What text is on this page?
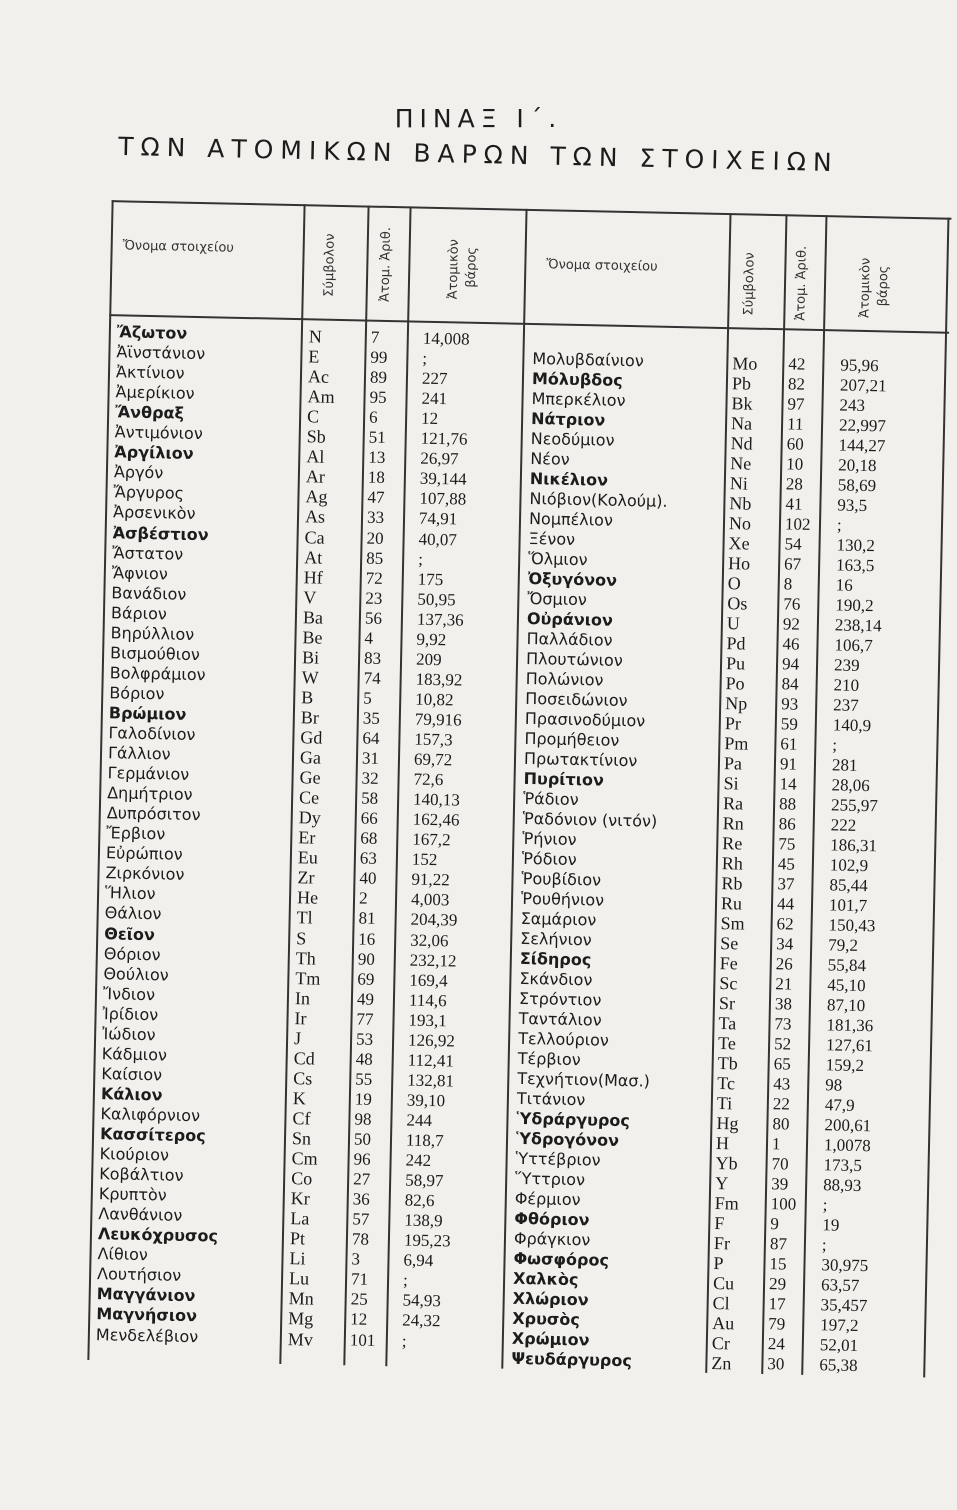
ΠΙΝΑΞ Ι΄.
ΤΩΝ ΑΤΟΜΙΚΩΝ ΒΑΡΩΝ ΤΩΝ ΣΤΟΙΧΕΙΩΝ
Ὄνομα στοιχείου	Σύμβολον	Ἀτομ. Ἀριθ.	Ἀτομικὸν βάρος	Ὄνομα στοιχείου	Σύμβολον	Ἀτομ. Ἀριθ.	Ἀτομικὸν βάρος
Ἄζωτον	N	7	14,008
Ἀϊνστάνιον	E	99 ;
Ἀκτίνιον	Ac 89 227
Ἀμερίκιον	Am 95 241
Ἄνθραξ	C	6	12
Ἀντιμόνιον	Sb	51 121,76
Ἀργίλιον	Al	13 26,97
Ἀργόν	Ar	18 39,144
Ἄργυρος	Ag 47 107,88
Ἀρσενικὸν	As 33 74,91
Ἀσβέστιον	Ca 20 40,07
Ἄστατον	At	85 ;
Ἄφνιον	Hf	72 175
Βανάδιον	V	23 50,95
Βάριον	Ba 56 137,36
Βηρύλλιον	Be 4	9,92
Βισμούθιον	Bi	83 209
Βολφράμιον	W	74 183,92
Βόριον	B	5	10,82
Βρώμιον	Br	35 79,916
Γαλοδίνιον	Gd 64 157,3
Γάλλιον	Ga 31 69,72
Γερμάνιον	Ge 32 72,6
Δημήτριον	Ce 58 140,13
Δυπρόσιτον	Dy 66 162,46
Ἔρβιον	Er	68 167,2
Εὐρώπιον	Eu 63 152
Ζιρκόνιον	Zr	40 91,22
Ἥλιον	He 2	4,003
Θάλιον	Tl	81 204,39
Θεῖον	S	16 32,06
Θόριον	Th 90 232,12
Θούλιον	Tm 69 169,4
Ἴνδιον	In	49 114,6
Ἰρίδιον	Ir	77 193,1
Ἰώδιον	J	53 126,92
Κάδμιον	Cd 48 112,41
Καίσιον	Cs	55 132,81
Κάλιον	K	19 39,10
Καλιφόρνιον	Cf	98 244
Κασσίτερος	Sn	50 118,7
Κιούριον	Cm 96 242
Κοβάλτιον	Co 27 58,97
Κρυπτὸν	Kr	36 82,6
Λανθάνιον	La	57 138,9
Λευκόχρυσος	Pt	78 195,23
Λίθιον	Li	3	6,94
Λουτήσιον	Lu 71 ;
Μαγγάνιον	Mn 25 54,93
Μαγνήσιον	Mg 12 24,32
Μενδελέβιον	Mv 101 ;
Μολυβδαίνιον	Mo 42 95,96
Μόλυβδος	Pb 82 207,21
Μπερκέλιον	Bk 97 243
Νάτριον	Na 11 22,997
Νεοδύμιον	Nd 60 144,27
Νέον	Ne 10 20,18
Νικέλιον	Ni 28 58,69
Νιόβιον(Κολούμ).	Nb 41 93,5
Νομπέλιον	No 102 ;
Ξένον	Xe 54 130,2
Ὅλμιον	Ho 67 163,5
Ὀξυγόνον	O	8	16
Ὄσμιον	Os 76 190,2
Οὐράνιον	U	92 238,14
Παλλάδιον	Pd 46 106,7
Πλουτώνιον	Pu 94 239
Πολώνιον	Po 84 210
Ποσειδώνιον	Np 93 237
Πρασινοδύμιον	Pr 59 140,9
Προμήθειον	Pm 61 ;
Πρωτακτίνιον	Pa 91 281
Πυρίτιον	Si 14 28,06
Ῥάδιον	Ra 88 255,97
Ῥαδόνιον (νιτόν)	Rn 86 222
Ῥήνιον	Re 75 186,31
Ῥόδιον	Rh 45 102,9
Ῥουβίδιον	Rb 37 85,44
Ῥουθήνιον	Ru 44 101,7
Σαμάριον	Sm 62 150,43
Σελήνιον	Se 34 79,2
Σίδηρος	Fe 26 55,84
Σκάνδιον	Sc 21 45,10
Στρόντιον	Sr 38 87,10
Ταντάλιον	Ta 73 181,36
Τελλούριον	Te 52 127,61
Τέρβιον	Tb 65 159,2
Τεχνήτιον(Μασ.)	Tc 43 98
Τιτάνιον	Ti 22 47,9
Ὑδράργυρος	Hg 80 200,61
Ὑδρογόνον	H	1	1,0078
Ὑττέβριον	Yb 70 173,5
Ὕττριον	Y	39 88,93
Φέρμιον	Fm 100 ;
Φθόριον	F	9	19
Φράγκιον	Fr 87 ;
Φωσφόρος	P	15 30,975
Χαλκὸς	Cu 29 63,57
Χλώριον	Cl 17 35,457
Χρυσὸς	Au 79 197,2
Χρώμιον	Cr 24 52,01
Ψευδάργυρος	Zn 30 65,38
